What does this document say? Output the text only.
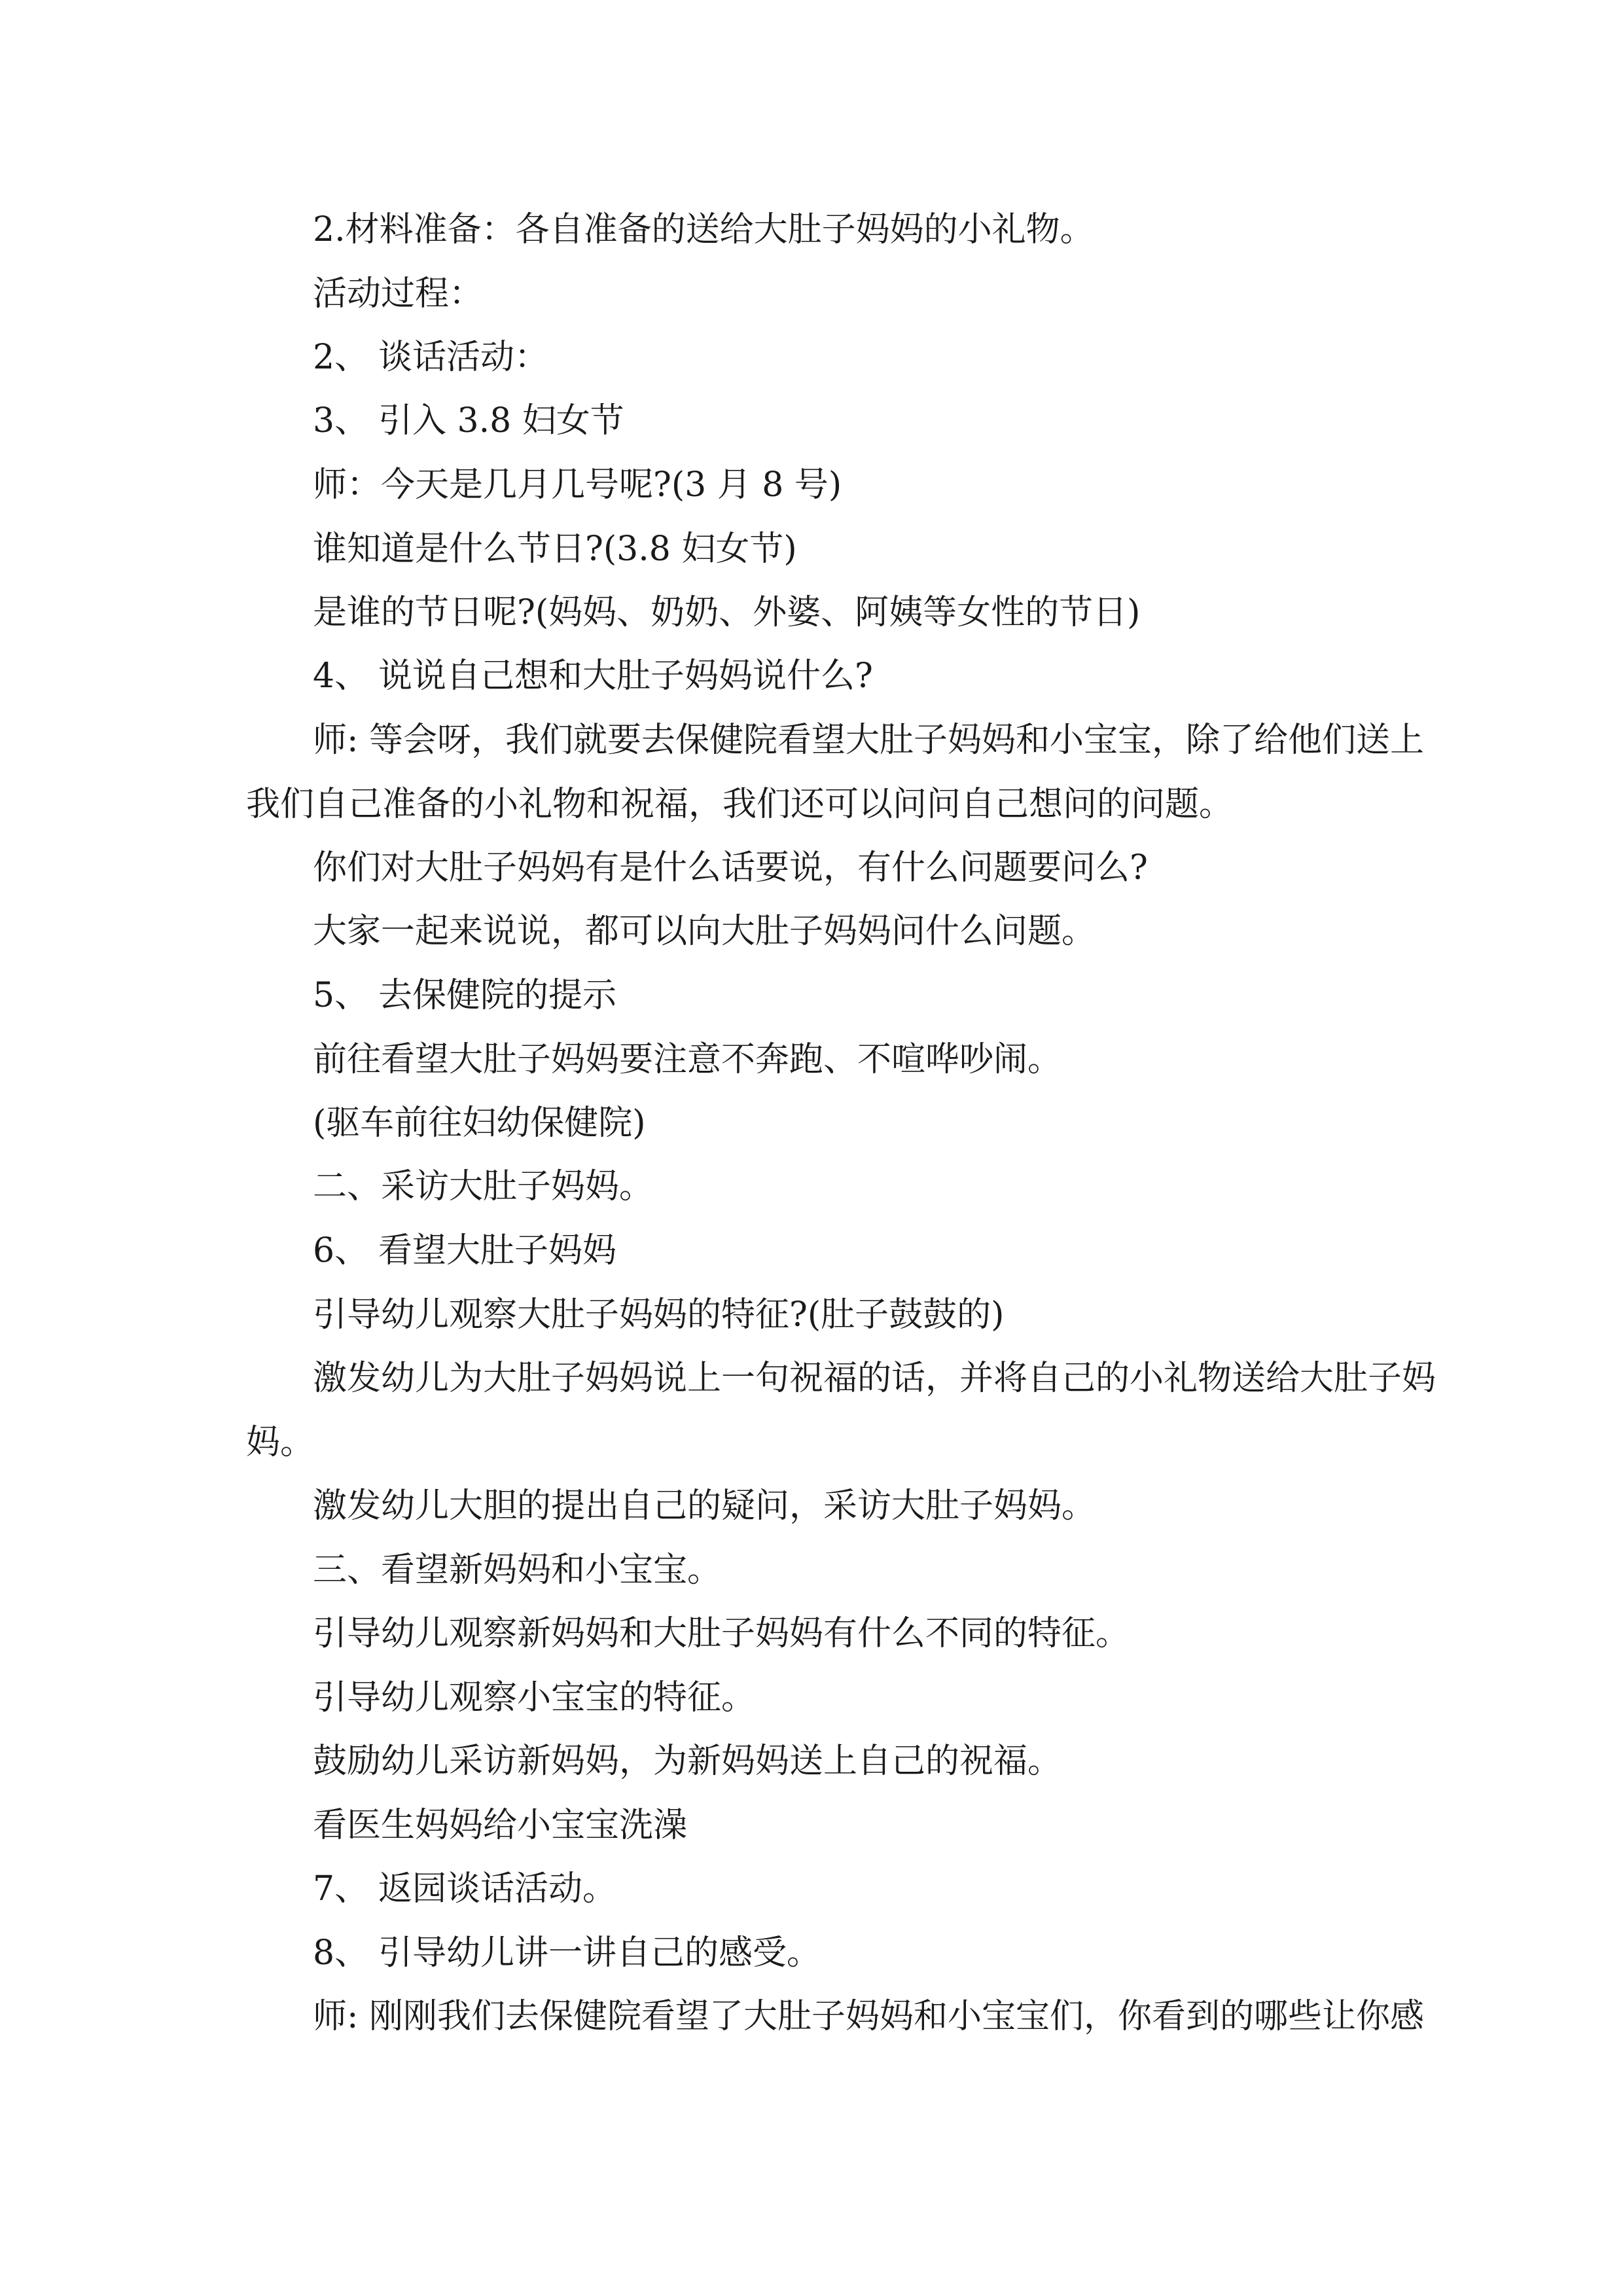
2.材料准备：各自准备的送给大肚子妈妈的小礼物。
活动过程：
2、 谈话活动：
3、 引入 3.8 妇女节
师：今天是几月几号呢?(3 月 8 号)
谁知道是什么节日?(3.8 妇女节)
是谁的节日呢?(妈妈、奶奶、外婆、阿姨等女性的节日)
4、 说说自己想和大肚子妈妈说什么?
师: 等会呀，我们就要去保健院看望大肚子妈妈和小宝宝，除了给他们送上
我们自己准备的小礼物和祝福，我们还可以问问自己想问的问题。
你们对大肚子妈妈有是什么话要说，有什么问题要问么?
大家一起来说说，都可以向大肚子妈妈问什么问题。
5、 去保健院的提示
前往看望大肚子妈妈要注意不奔跑、不喧哗吵闹。
(驱车前往妇幼保健院)
二、采访大肚子妈妈。
6、 看望大肚子妈妈
引导幼儿观察大肚子妈妈的特征?(肚子鼓鼓的)
激发幼儿为大肚子妈妈说上一句祝福的话，并将自己的小礼物送给大肚子妈
妈。
激发幼儿大胆的提出自己的疑问，采访大肚子妈妈。
三、看望新妈妈和小宝宝。
引导幼儿观察新妈妈和大肚子妈妈有什么不同的特征。
引导幼儿观察小宝宝的特征。
鼓励幼儿采访新妈妈，为新妈妈送上自己的祝福。
看医生妈妈给小宝宝洗澡
7、 返园谈话活动。
8、 引导幼儿讲一讲自己的感受。
师: 刚刚我们去保健院看望了大肚子妈妈和小宝宝们，你看到的哪些让你感
